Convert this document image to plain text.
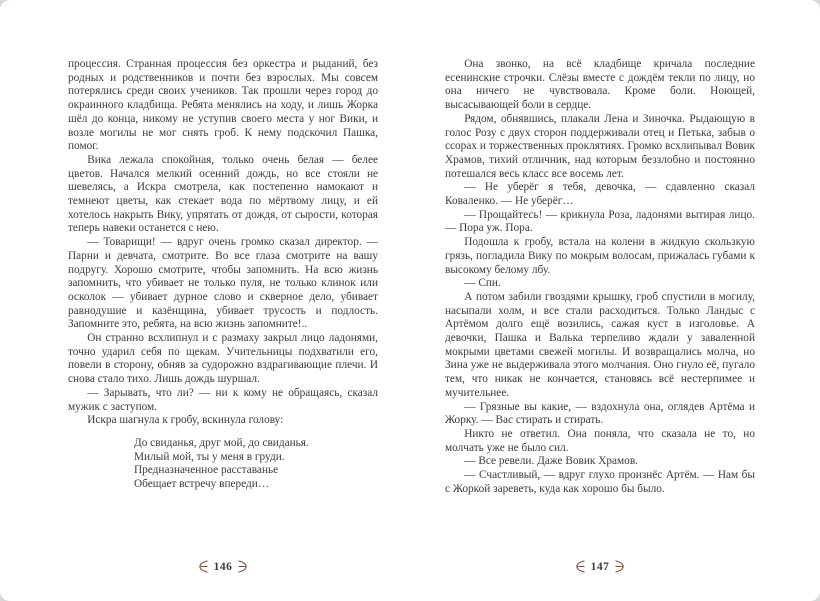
процессия. Странная процессия без оркестра и рыданий, без родных и родственников и почти без взрослых. Мы совсем потерялись среди своих учеников. Так прошли через город до окраинного кладбища. Ребята менялись на ходу, и лишь Жорка шёл до конца, никому не уступив своего места у ног Вики, и возле могилы не мог снять гроб. К нему подскочил Пашка, помог.

Вика лежала спокойная, только очень белая — белее цветов. Начался мелкий осенний дождь, но все стояли не шевелясь, а Искра смотрела, как постепенно намокают и темнеют цветы, как стекает вода по мёртвому лицу, и ей хотелось накрыть Вику, упрятать от дождя, от сырости, которая теперь навеки останется с нею.

— Товарищи! — вдруг очень громко сказал директор. — Парни и девчата, смотрите. Во все глаза смотрите на вашу подругу. Хорошо смотрите, чтобы запомнить. На всю жизнь запомнить, что убивает не только пуля, не только клинок или осколок — убивает дурное слово и скверное дело, убивает равнодушие и казёнщина, убивает трусость и подлость. Запомните это, ребята, на всю жизнь запомните!..

Он странно всхлипнул и с размаху закрыл лицо ладонями, точно ударил себя по щекам. Учительницы подхватили его, повели в сторону, обняв за судорожно вздрагивающие плечи. И снова стало тихо. Лишь дождь шуршал.

— Зарывать, что ли? — ни к кому не обращаясь, сказал мужик с заступом.

Искра шагнула к гробу, вскинула голову:

До свиданья, друг мой, до свиданья.
Милый мой, ты у меня в груди.
Предназначенное расставанье
Обещает встречу впереди…
146

Она звонко, на всё кладбище кричала последние есенинские строчки. Слёзы вместе с дождём текли по лицу, но она ничего не чувствовала. Кроме боли. Ноющей, высасывающей боли в сердце.

Рядом, обнявшись, плакали Лена и Зиночка. Рыдающую в голос Розу с двух сторон поддерживали отец и Петька, забыв о ссорах и торжественных проклятиях. Громко всхлипывал Вовик Храмов, тихий отличник, над которым беззлобно и постоянно потешался весь класс все восемь лет.

— Не уберёг я тебя, девочка, — сдавленно сказал Коваленко. — Не уберёг…

— Прощайтесь! — крикнула Роза, ладонями вытирая лицо. — Пора уж. Пора.

Подошла к гробу, встала на колени в жидкую скользкую грязь, погладила Вику по мокрым волосам, прижалась губами к высокому белому лбу.

— Спи.

А потом забили гвоздями крышку, гроб спустили в могилу, насыпали холм, и все стали расходиться. Только Ландыс с Артёмом долго ещё возились, сажая куст в изголовье. А девочки, Пашка и Валька терпеливо ждали у заваленной мокрыми цветами свежей могилы. И возвращались молча, но Зина уже не выдерживала этого молчания. Оно гнуло её, пугало тем, что никак не кончается, становясь всё нестерпимее и мучительнее.

— Грязные вы какие, — вздохнула она, оглядев Артёма и Жорку. — Вас стирать и стирать.

Никто не ответил. Она поняла, что сказала не то, но молчать уже не было сил.

— Все ревели. Даже Вовик Храмов.

— Счастливый, — вдруг глухо произнёс Артём. — Нам бы с Жоркой зареветь, куда как хорошо бы было.

147
